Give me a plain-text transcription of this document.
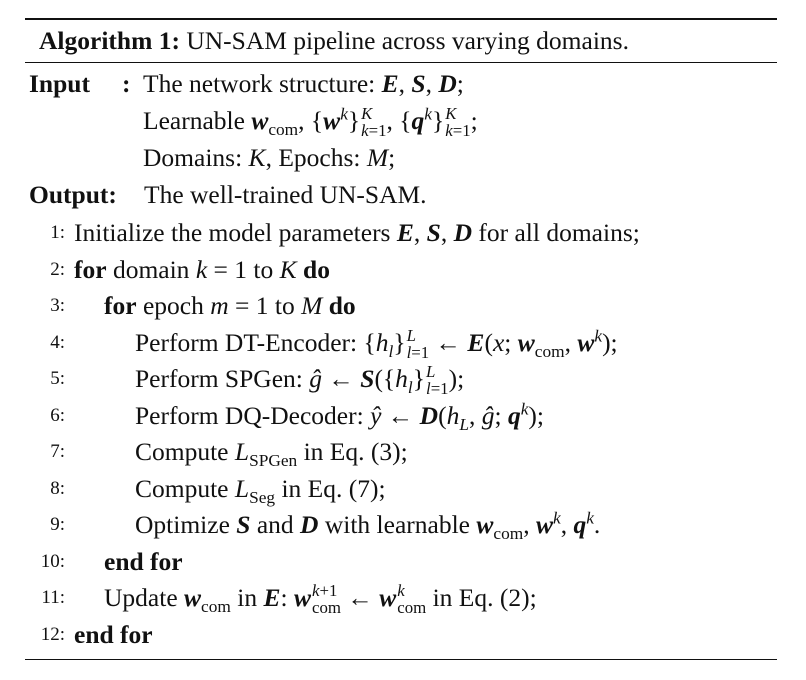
Algorithm 1: UN-SAM pipeline across varying domains.
Input : The network structure: E, S, D;
Learnable $w_{com}$, $\{w^k\}$ K
k=1 , $\{q^k\}$ K
k=1 ;
Domains: K, Epochs: M;
Output: The well-trained UN-SAM.
1: Initialize the model parameters E, S, D for all domains;
2: for domain k = 1 to K do
3: for epoch m = 1 to M do
4:	Perform DT-Encoder: $\{h_l\}$ L
l=1 ← E(x; $w_{com}$, $w^k$);
5:	Perform SPGen: ĝ ← $S(\{h_l\}$ L
l=1 );
6:	Perform DQ-Decoder: ŷ ← $D(h_L$, ĝ; $q^k$);
7:	Compute $L_{SPGen}$ in Eq. (3);
8:	Compute $L_{Seg}$ in Eq. (7);
9:	Optimize S and D with learnable $w_{com}$, $w^k$, $q^k$.
10: end for
11: Update $w_{com}$ in E: w k+1
com ← w k
com in Eq. (2);
12: end for
